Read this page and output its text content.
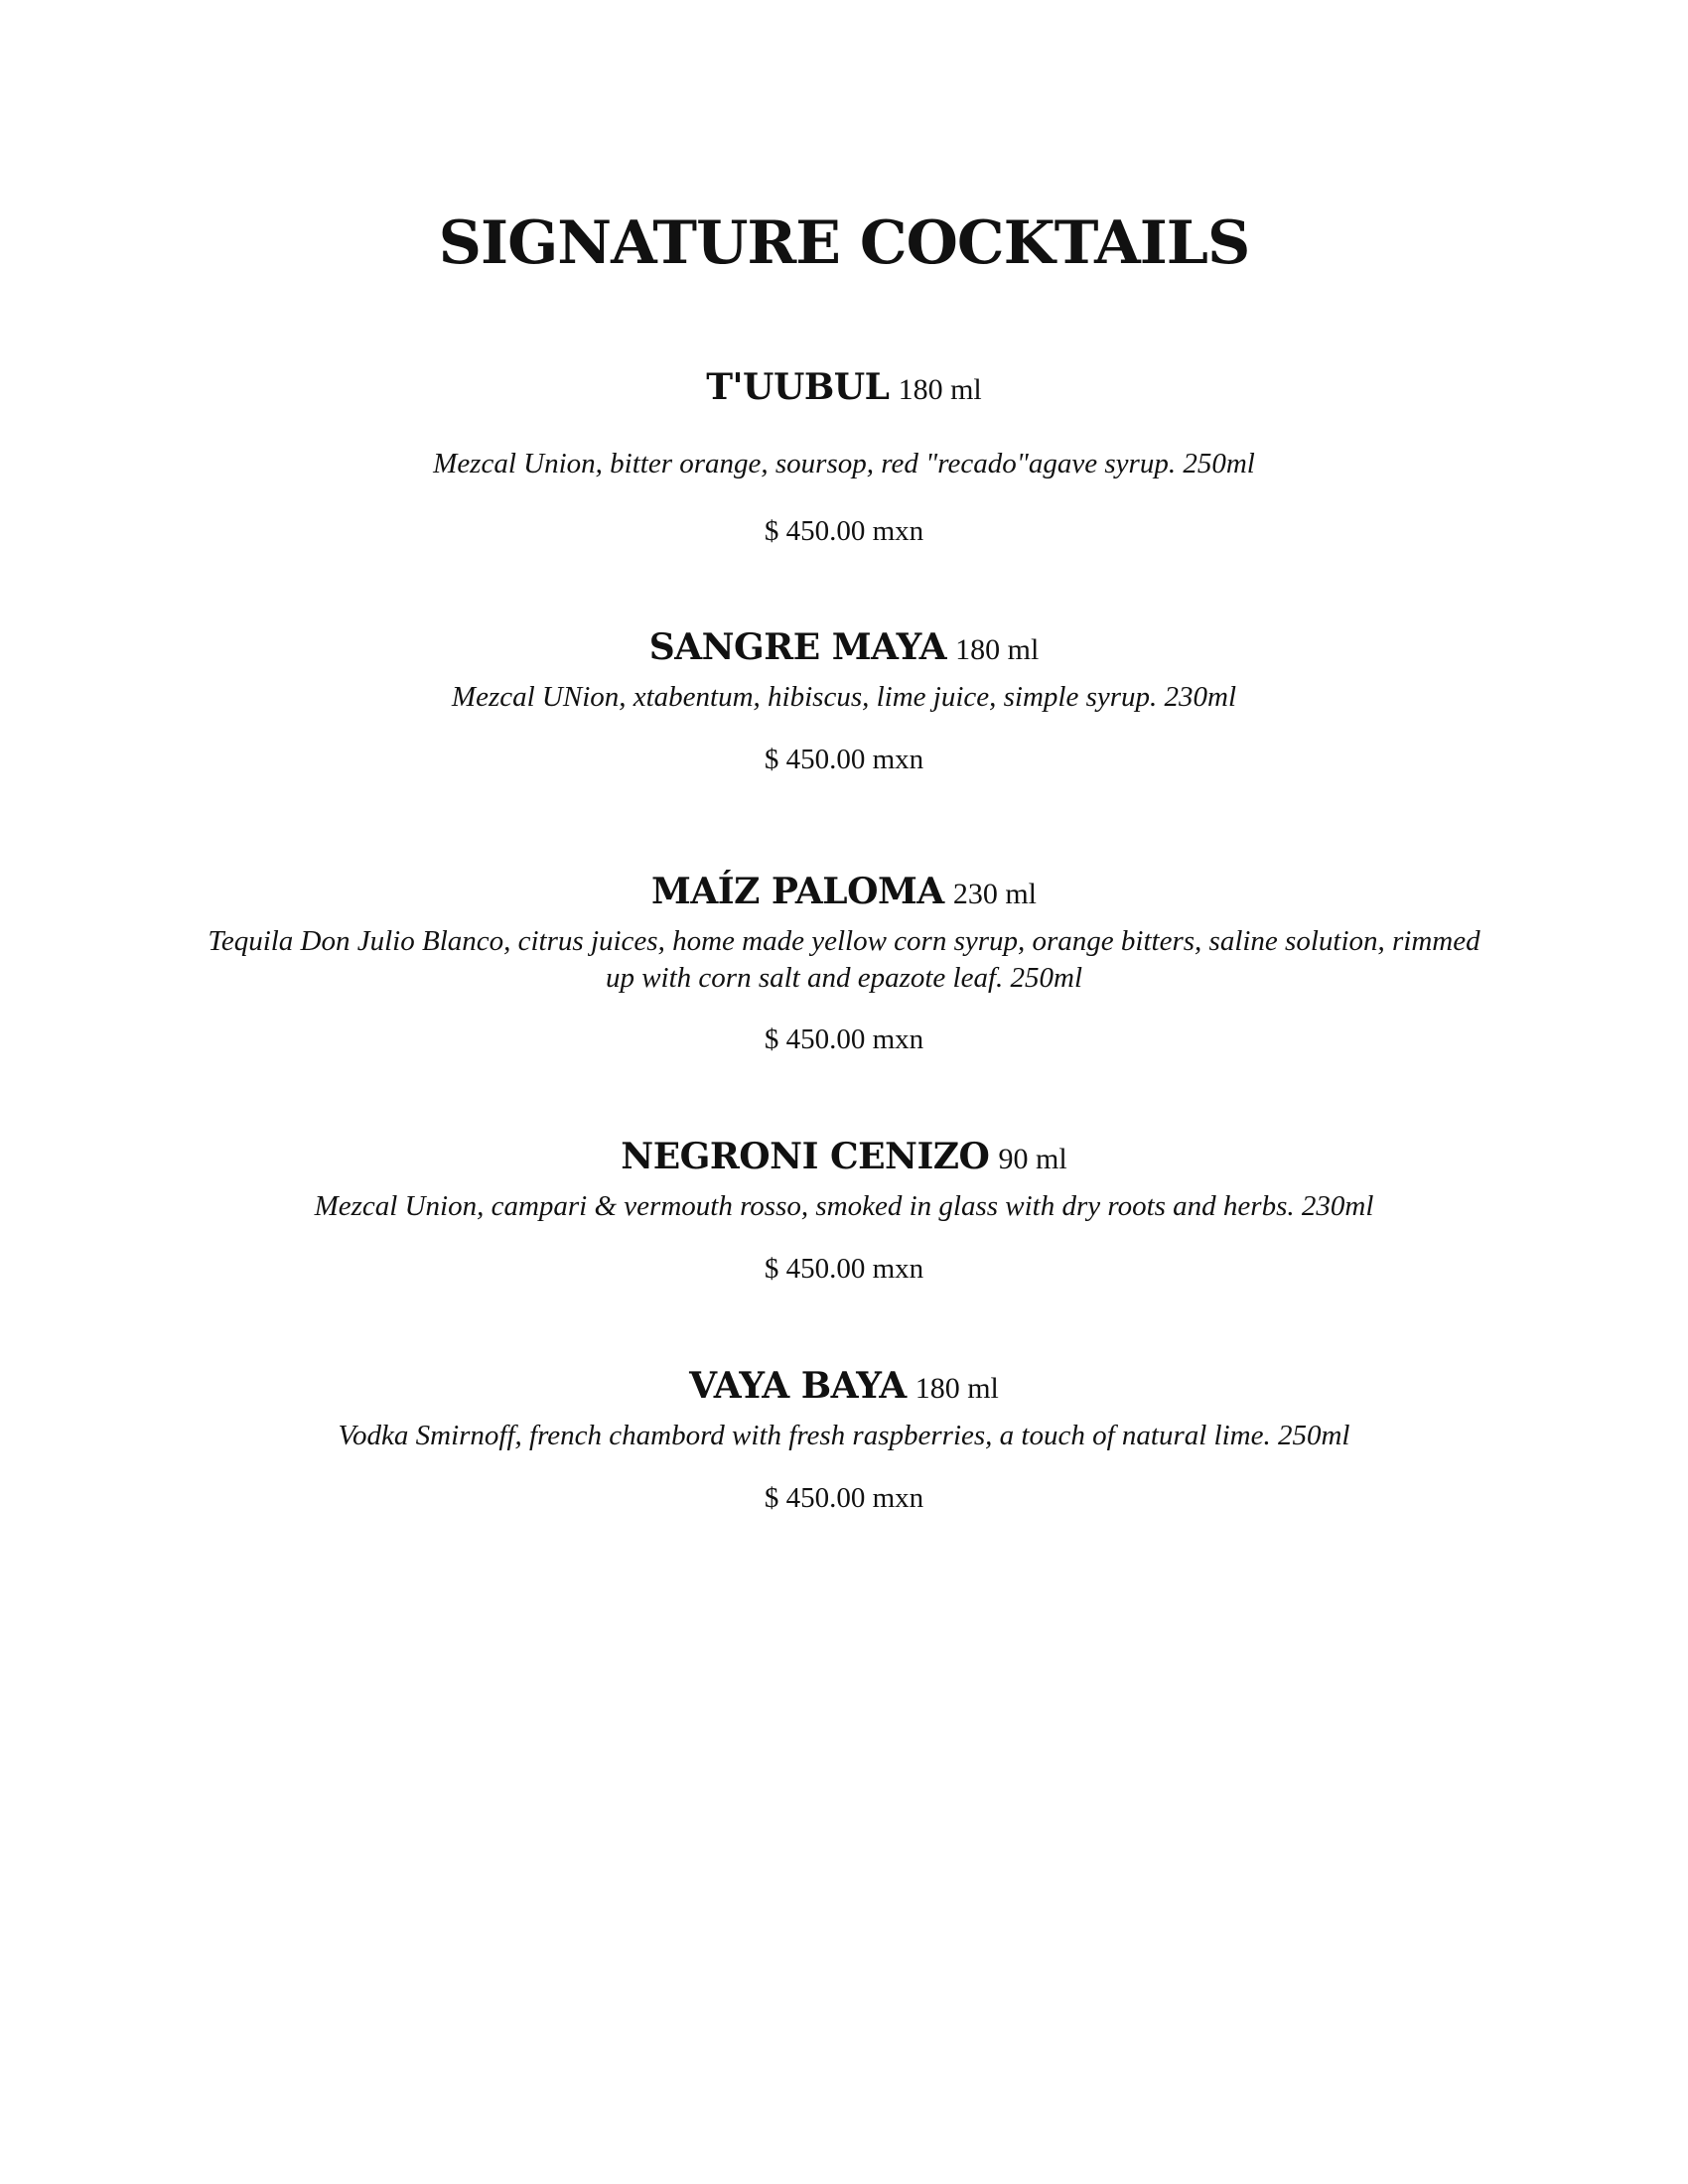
SIGNATURE COCKTAILS
T'UUBUL 180 ml
Mezcal Union, bitter orange, soursop, red "recado"agave syrup. 250ml
$ 450.00 mxn
SANGRE MAYA 180 ml
Mezcal UNion, xtabentum, hibiscus, lime juice, simple syrup. 230ml
$ 450.00 mxn
MAÍZ PALOMA 230 ml
Tequila Don Julio Blanco, citrus juices, home made yellow corn syrup, orange bitters, saline solution, rimmed up with corn salt and epazote leaf. 250ml
$ 450.00 mxn
NEGRONI CENIZO 90 ml
Mezcal Union, campari & vermouth rosso, smoked in glass with dry roots and herbs. 230ml
$ 450.00 mxn
VAYA BAYA 180 ml
Vodka Smirnoff, french chambord with fresh raspberries, a touch of natural lime. 250ml
$ 450.00 mxn
